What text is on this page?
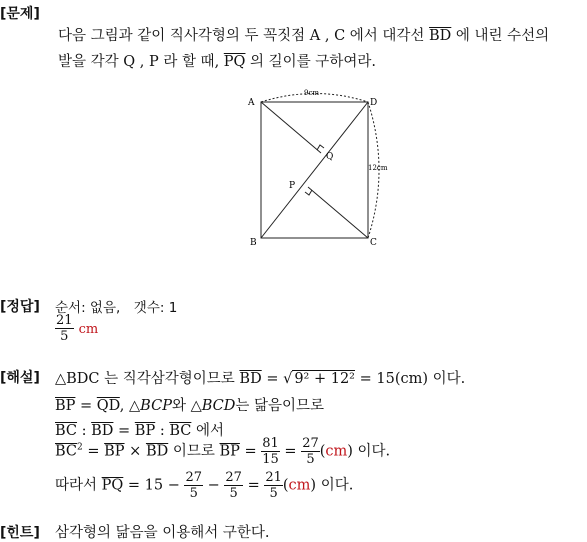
[문제]
다음 그림과 같이 직사각형의 두 꼭짓점 A , C 에서 대각선 $\overline{BD}$ 에 내린 수선의
발을 각각 Q , P 라 할 때, $\overline{PQ}$ 의 길이를 구하여라.
A	D
B	C
Q
P
9cm
12cm
[정답] 순서: 없음,　갯수: 1
$\frac{21}{5}$ cm
[해설] △BDC 는 직각삼각형이므로 $\overline{BD}$ = √ 9² + 12² = 15(cm) 이다.
$\overline{BP} = \overline{QD}$, △BCP와 △BCD는 닮음이므로
$\overline{BC}$ : $\overline{BD} = \overline{BP}$ : $\overline{BC}$ 에서
$\overline{BC}^2 = \overline{BP} \times \overline{BD}$ 이므로 $\overline{BP} = \frac{81}{15} = \frac{27}{5} (cm)$ 이다.
따라서 $\overline{PQ} = 15 - \frac{27}{5} - \frac{27}{5} = \frac{21}{5} (cm)$ 이다.
[힌트] 삼각형의 닮음을 이용해서 구한다.
